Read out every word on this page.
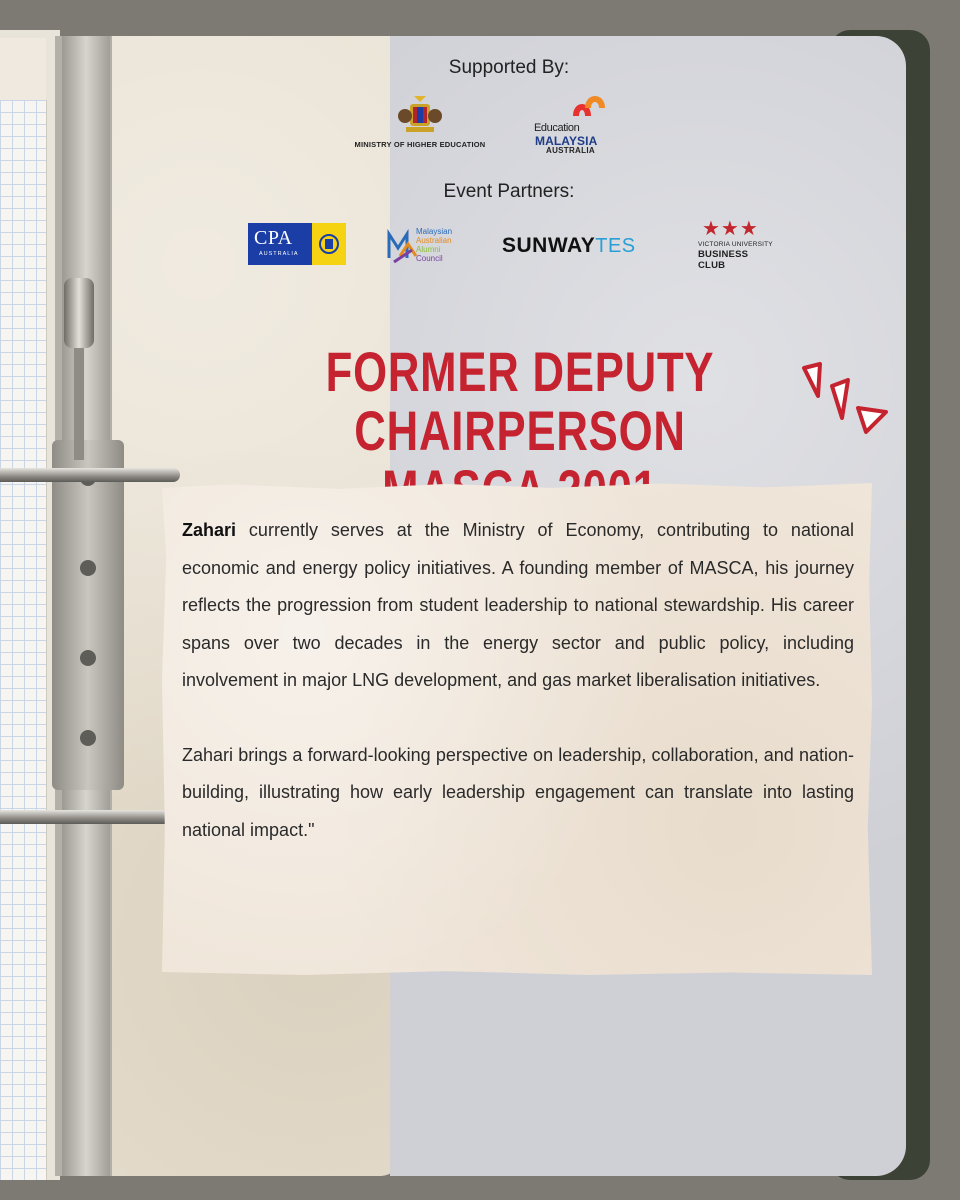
Supported By:
MINISTRY OF HIGHER EDUCATION
Education
MALAYSIA
AUSTRALIA
Event Partners:
CPA
AUSTRALIA
Malaysian
Australian
Alumni
Council
SUNWAYTES
★★★
VICTORIA UNIVERSITY
BUSINESS CLUB
FORMER DEPUTY
CHAIRPERSON

Zahari currently serves at the Ministry of Economy, contributing to national economic and energy policy initiatives. A founding member of MASCA, his journey reflects the progression from student leadership to national stewardship. His career spans over two decades in the energy sector and public policy, including involvement in major LNG development, and gas market liberalisation initiatives.

Zahari brings a forward-looking perspective on leadership, collaboration, and nation-building, illustrating how early leadership engagement can translate into lasting national impact."
